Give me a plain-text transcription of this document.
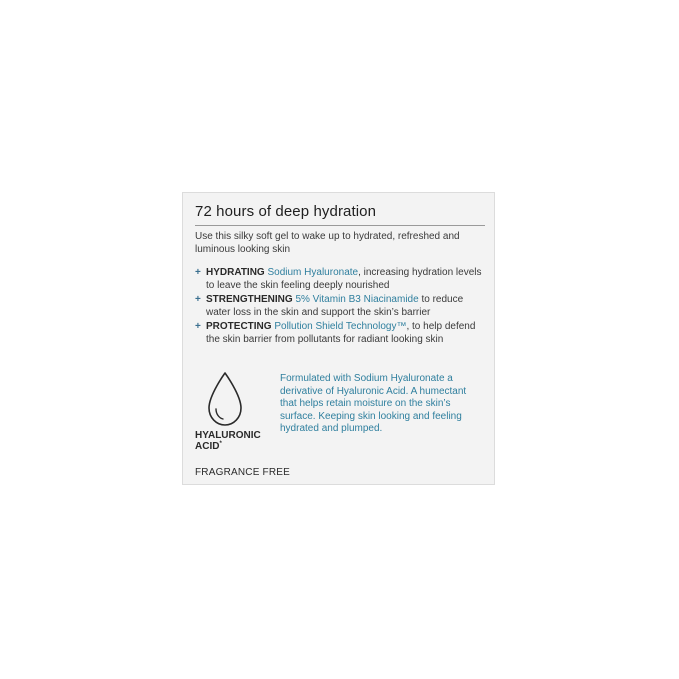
72 hours of deep hydration
Use this silky soft gel to wake up to hydrated, refreshed and luminous looking skin
+ HYDRATING Sodium Hyaluronate, increasing hydration levels to leave the skin feeling deeply nourished
+ STRENGTHENING 5% Vitamin B3 Niacinamide to reduce water loss in the skin and support the skin’s barrier
+ PROTECTING Pollution Shield Technology™, to help defend the skin barrier from pollutants for radiant looking skin
HYALURONIC
ACID*
Formulated with Sodium Hyaluronate a derivative of Hyaluronic Acid. A humectant that helps retain moisture on the skin’s surface. Keeping skin looking and feeling hydrated and plumped.
FRAGRANCE FREE
